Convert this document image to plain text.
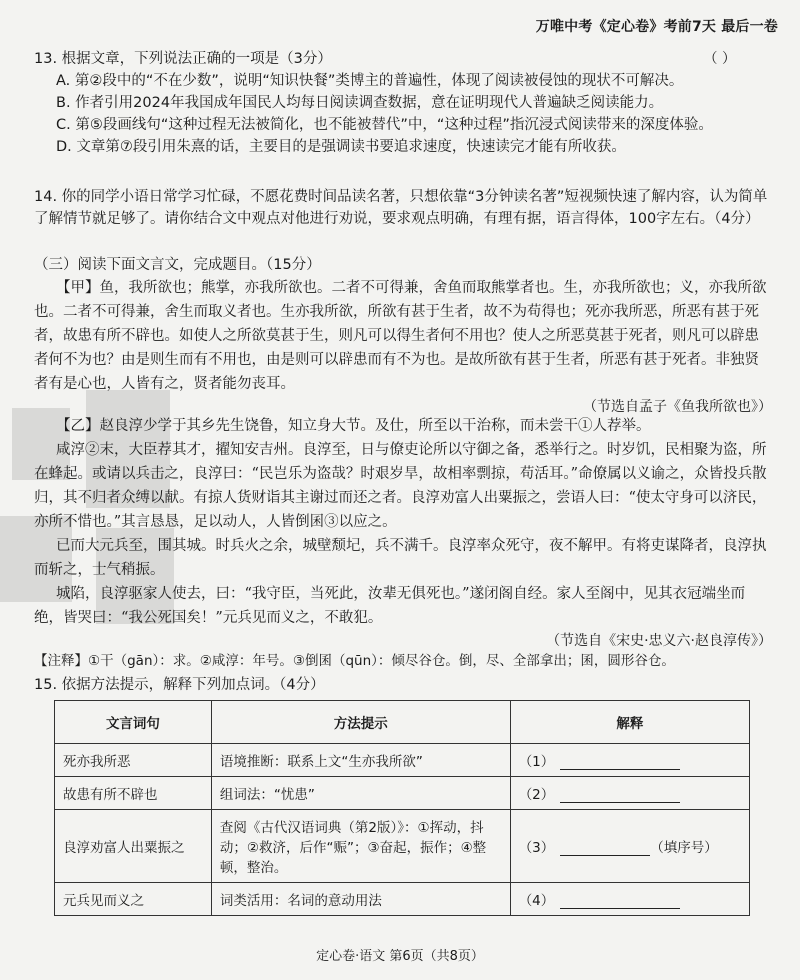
万唯中考《定心卷》考前7天 最后一卷
13. 根据文章，下列说法正确的一项是（3分）	（ ）
A. 第②段中的“不在少数”，说明“知识快餐”类博主的普遍性，体现了阅读被侵蚀的现状不可解决。
B. 作者引用2024年我国成年国民人均每日阅读调查数据，意在证明现代人普遍缺乏阅读能力。
C. 第⑤段画线句“这种过程无法被简化，也不能被替代”中，“这种过程”指沉浸式阅读带来的深度体验。
D. 文章第⑦段引用朱熹的话，主要目的是强调读书要追求速度，快速读完才能有所收获。
14. 你的同学小语日常学习忙碌，不愿花费时间品读名著，只想依靠“3分钟读名著”短视频快速了解内容，认为简单了解情节就足够了。请你结合文中观点对他进行劝说，要求观点明确，有理有据，语言得体，100字左右。（4分）
（三）阅读下面文言文，完成题目。（15分）
【甲】鱼，我所欲也；熊掌，亦我所欲也。二者不可得兼，舍鱼而取熊掌者也。生，亦我所欲也；义，亦我所欲也。二者不可得兼，舍生而取义者也。生亦我所欲，所欲有甚于生者，故不为苟得也；死亦我所恶，所恶有甚于死者，故患有所不辟也。如使人之所欲莫甚于生，则凡可以得生者何不用也？使人之所恶莫甚于死者，则凡可以辟患者何不为也？由是则生而有不用也，由是则可以辟患而有不为也。是故所欲有甚于生者，所恶有甚于死者。非独贤者有是心也，人皆有之，贤者能勿丧耳。
（节选自孟子《鱼我所欲也》）
【乙】赵良淳少学于其乡先生饶鲁，知立身大节。及仕，所至以干治称，而未尝干①人荐举。
咸淳②末，大臣荐其才，擢知安吉州。良淳至，日与僚吏论所以守御之备，悉举行之。时岁饥，民相聚为盗，所在蜂起。或请以兵击之，良淳曰：“民岂乐为盗哉？时艰岁旱，故相率剽掠，苟活耳。”命僚属以义谕之，众皆投兵散归，其不归者众缚以献。有掠人货财诣其主谢过而还之者。良淳劝富人出粟振之，尝语人曰：“使太守身可以济民，亦所不惜也。”其言恳恳，足以动人，人皆倒囷③以应之。
已而大元兵至，围其城。时兵火之余，城壁颓圮，兵不满千。良淳率众死守，夜不解甲。有将吏谋降者，良淳执而斩之，士气稍振。
城陷，良淳驱家人使去，曰：“我守臣，当死此，汝辈无俱死也。”遂闭阁自经。家人至阁中，见其衣冠端坐而绝，皆哭曰：“我公死国矣！”元兵见而义之，不敢犯。
（节选自《宋史·忠义六·赵良淳传》）
【注释】①干（gān）：求。②咸淳：年号。③倒囷（qūn）：倾尽谷仓。倒，尽、全部拿出；囷，圆形谷仓。
15. 依据方法提示，解释下列加点词。（4分）
文言词句	方法提示	解释
死亦我所恶	语境推断：联系上文“生亦我所欲”	（1）
故患有所不辟也	组词法：“忧患”	（2）
良淳劝富人出粟振之	查阅《古代汉语词典（第2版）》：①挥动，抖动；②救济，后作“赈”；③奋起，振作；④整顿，整治。	（3） （填序号）
元兵见而义之	词类活用：名词的意动用法	（4）
定心卷·语文 第6页（共8页）
